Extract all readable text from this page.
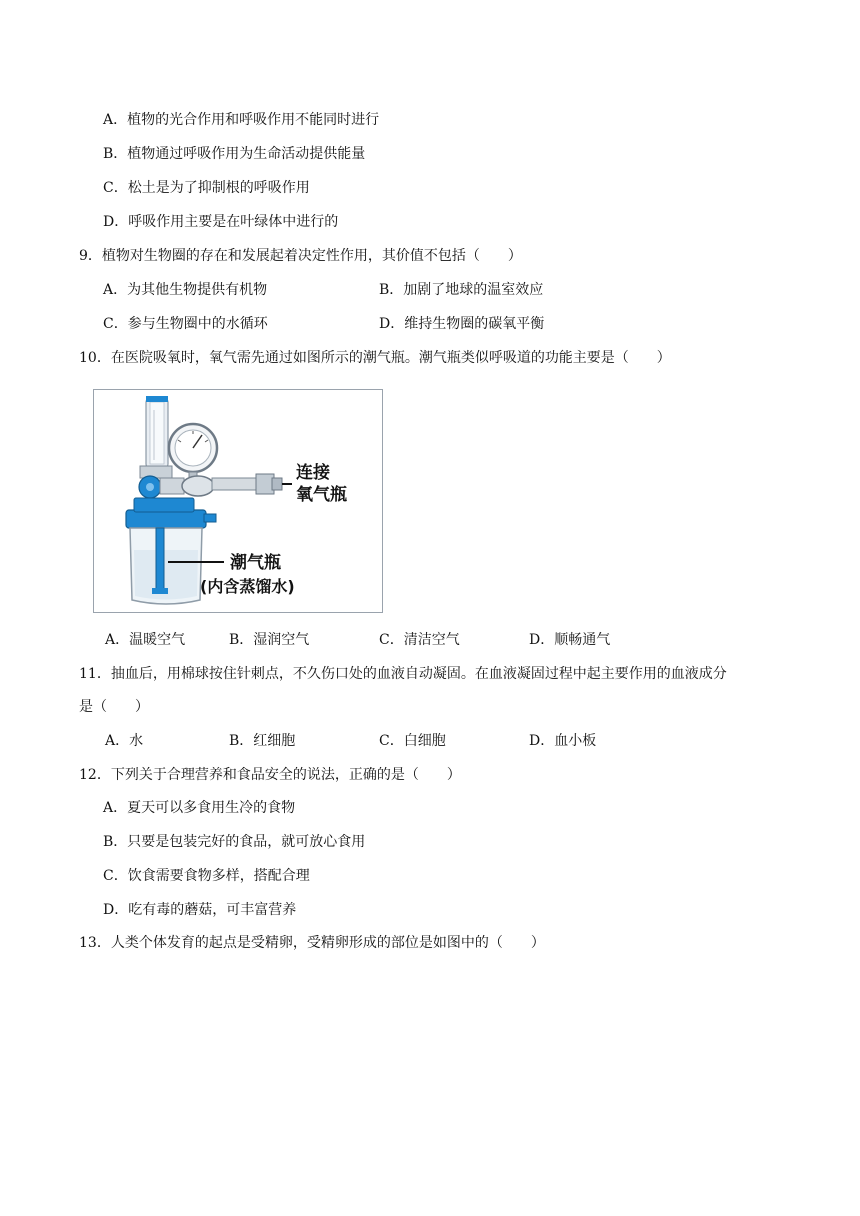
A．植物的光合作用和呼吸作用不能同时进行
B．植物通过呼吸作用为生命活动提供能量
C．松土是为了抑制根的呼吸作用
D．呼吸作用主要是在叶绿体中进行的
9．植物对生物圈的存在和发展起着决定性作用，其价值不包括（　　）
A．为其他生物提供有机物	B．加剧了地球的温室效应
C．参与生物圈中的水循环	D．维持生物圈的碳氧平衡
10．在医院吸氧时，氧气需先通过如图所示的潮气瓶。潮气瓶类似呼吸道的功能主要是（　　）
连接
氧气瓶
潮气瓶
(内含蒸馏水)
A．温暖空气	B．湿润空气	C．清洁空气	D．顺畅通气
11．抽血后，用棉球按住针刺点，不久伤口处的血液自动凝固。在血液凝固过程中起主要作用的血液成分
是（　　）
A．水	B．红细胞	C．白细胞	D．血小板
12．下列关于合理营养和食品安全的说法，正确的是（　　）
A．夏天可以多食用生冷的食物
B．只要是包装完好的食品，就可放心食用
C．饮食需要食物多样，搭配合理
D．吃有毒的蘑菇，可丰富营养
13．人类个体发育的起点是受精卵，受精卵形成的部位是如图中的（　　）
